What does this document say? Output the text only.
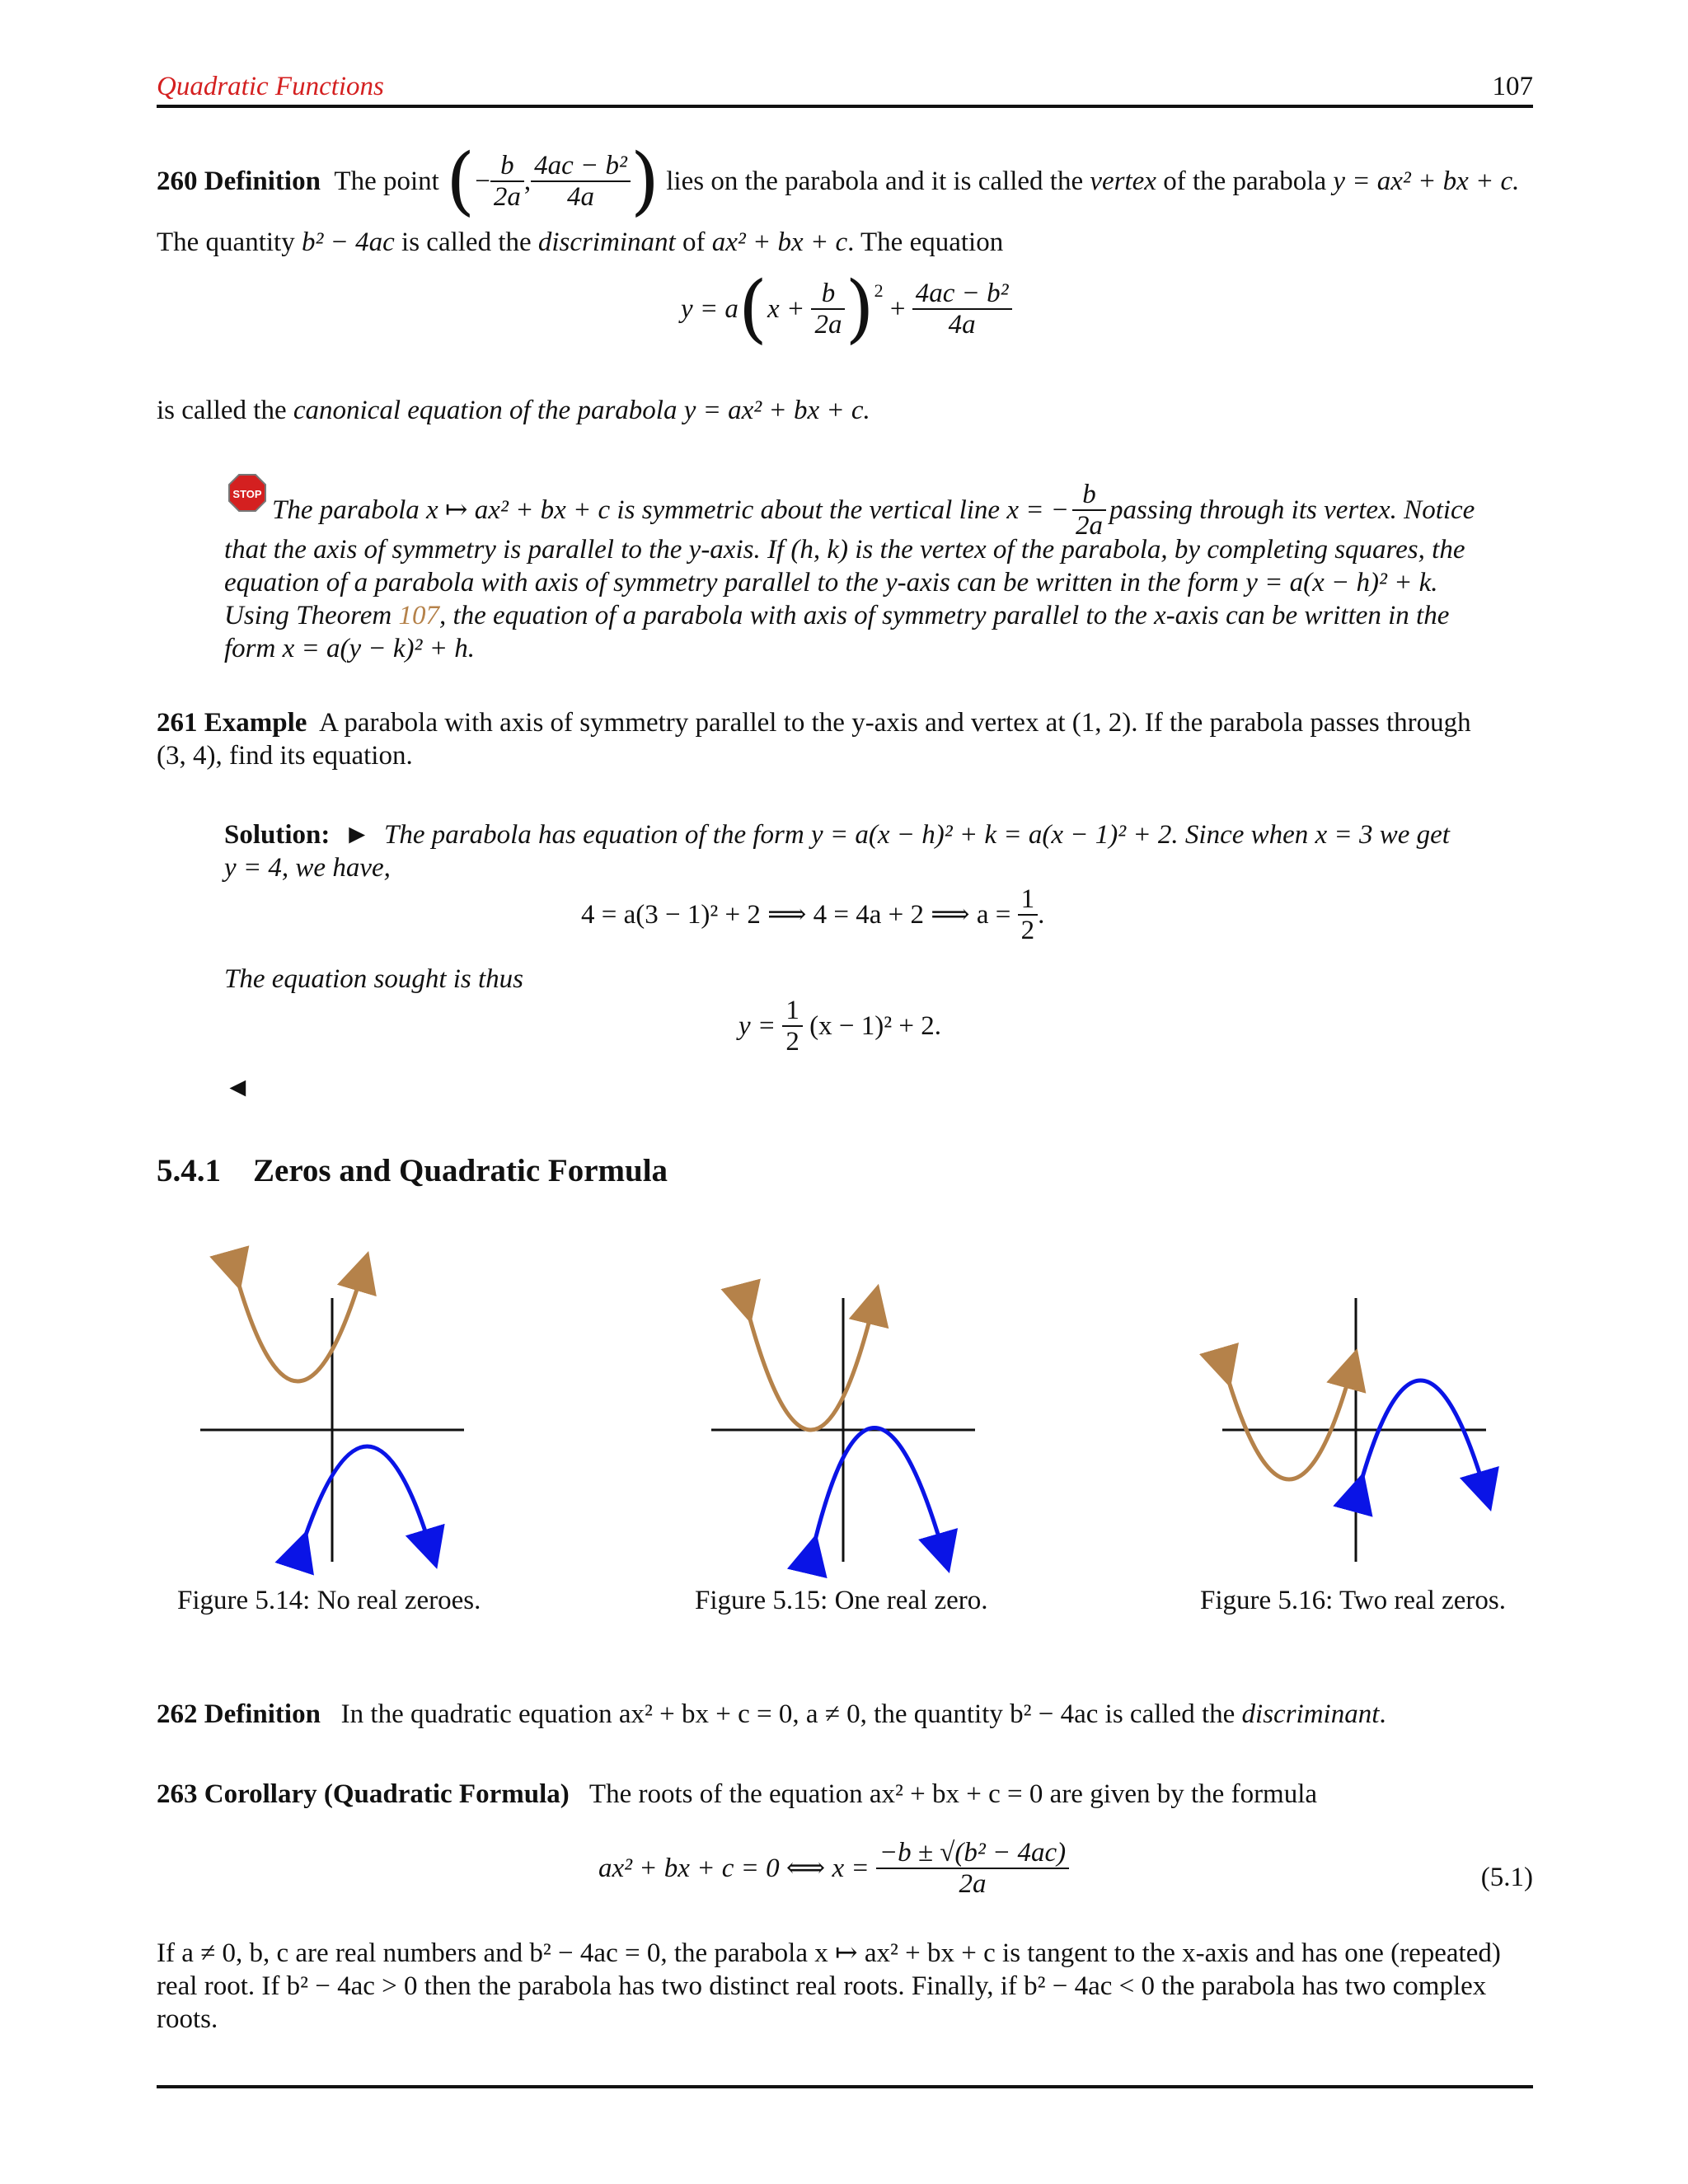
Quadratic Functions	107
260 Definition
The point
( − $\frac{b}{2a}$ , $\frac{\text{4ac − b²}}{4a}$ )
lies on the parabola and it is called the
vertex
of the parabola
y = ax² + bx + c.
The quantity b² − 4ac is called the discriminant of ax² + bx + c. The equation
y = a ( x +
$\frac{b}{2a}$ ) 2

+
$\frac{\text{4ac − b²}}{4a}$
is called the canonical equation of the parabola y = ax² + bx + c.
STOP
The parabola x ↦ ax² + bx + c is symmetric about the vertical line x = − $\frac{b}{2a}$ passing through its vertex. Notice
that the axis of symmetry is parallel to the y-axis. If (h, k) is the vertex of the parabola, by completing squares, the
equation of a parabola with axis of symmetry parallel to the y-axis can be written in the form y = a(x − h)² + k.
Using Theorem 107, the equation of a parabola with axis of symmetry parallel to the x-axis can be written in the
form x = a(y − k)² + h.
261 Example A parabola with axis of symmetry parallel to the y-axis and vertex at (1, 2). If the parabola passes through
(3, 4), find its equation.
Solution: ► The parabola has equation of the form y = a(x − h)² + k = a(x − 1)² + 2. Since when x = 3 we get
y = 4, we have,
4 = a(3 − 1)² + 2 ⟹ 4 = 4a + 2 ⟹ a =
$\frac{1}{2}$ .
The equation sought is thus
y =
$\frac{1}{2}$
(x − 1)² + 2.
◄
5.4.1 Zeros and Quadratic Formula
Figure 5.14: No real zeroes.	Figure 5.15: One real zero.	Figure 5.16: Two real zeros.
262 Definition In the quadratic equation ax² + bx + c = 0, a ≠ 0, the quantity b² − 4ac is called the discriminant.
263 Corollary (Quadratic Formula) The roots of the equation ax² + bx + c = 0 are given by the formula
ax² + bx + c = 0 ⟺ x =
$\frac{\text{−b ± √(b² − 4ac)}}{2a}$	(5.1)
If a ≠ 0, b, c are real numbers and b² − 4ac = 0, the parabola x ↦ ax² + bx + c is tangent to the x-axis and has one (repeated)
real root. If b² − 4ac > 0 then the parabola has two distinct real roots. Finally, if b² − 4ac < 0 the parabola has two complex
roots.
